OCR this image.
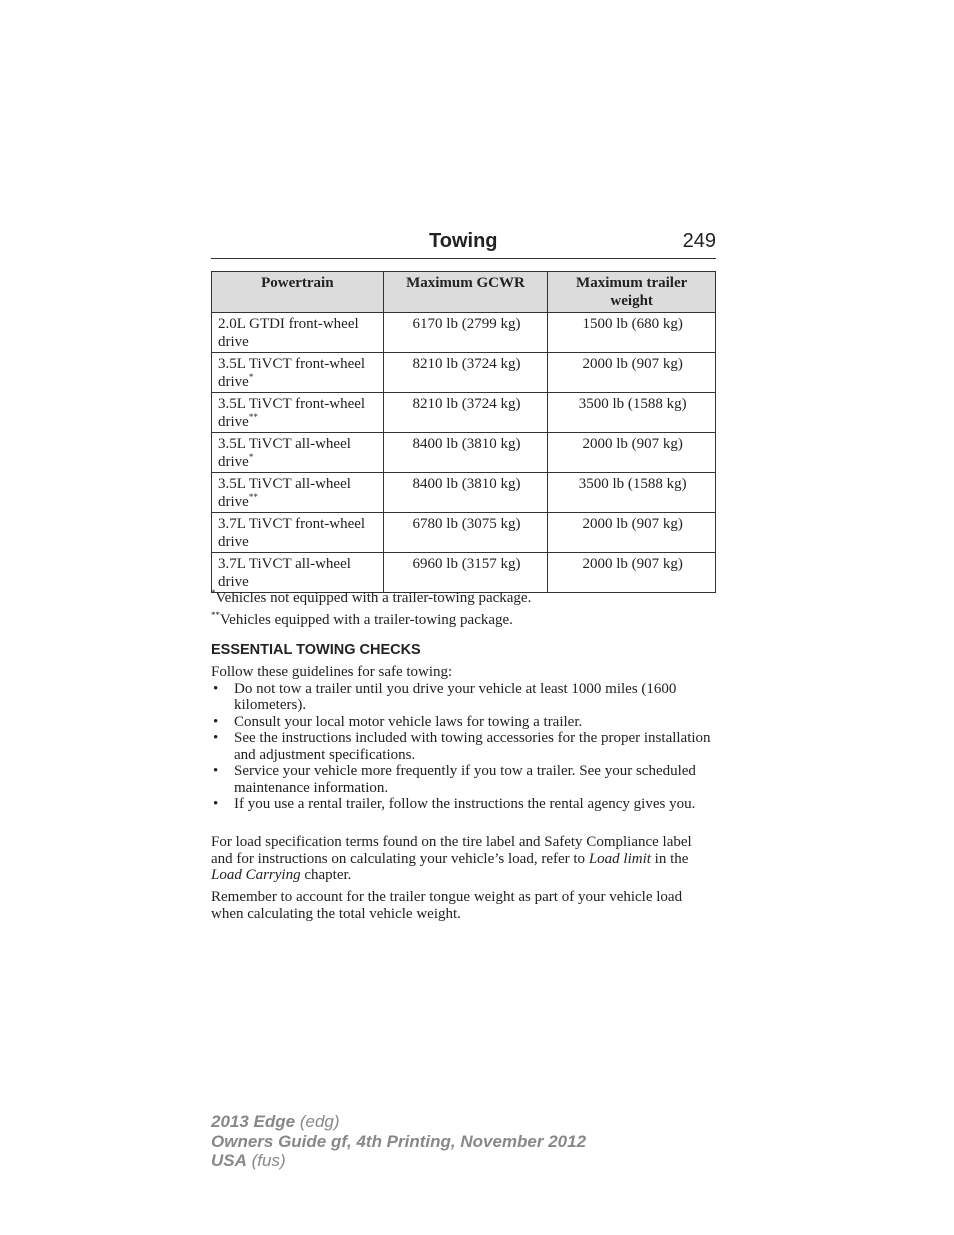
Towing	249
Powertrain	Maximum GCWR	Maximum trailer weight
2.0L GTDI front-wheel drive	6170 lb (2799 kg)	1500 lb (680 kg)
3.5L TiVCT front-wheel drive*	8210 lb (3724 kg)	2000 lb (907 kg)
3.5L TiVCT front-wheel drive**	8210 lb (3724 kg)	3500 lb (1588 kg)
3.5L TiVCT all-wheel drive*	8400 lb (3810 kg)	2000 lb (907 kg)
3.5L TiVCT all-wheel drive**	8400 lb (3810 kg)	3500 lb (1588 kg)
3.7L TiVCT front-wheel drive	6780 lb (3075 kg)	2000 lb (907 kg)
3.7L TiVCT all-wheel drive	6960 lb (3157 kg)	2000 lb (907 kg)
*Vehicles not equipped with a trailer-towing package.
**Vehicles equipped with a trailer-towing package.
ESSENTIAL TOWING CHECKS
Follow these guidelines for safe towing:
• Do not tow a trailer until you drive your vehicle at least 1000 miles (1600 kilometers).
• Consult your local motor vehicle laws for towing a trailer.
• See the instructions included with towing accessories for the proper installation and adjustment specifications.
• Service your vehicle more frequently if you tow a trailer. See your scheduled maintenance information.
• If you use a rental trailer, follow the instructions the rental agency gives you.
For load specification terms found on the tire label and Safety Compliance label and for instructions on calculating your vehicle’s load, refer to Load limit in the Load Carrying chapter.
Remember to account for the trailer tongue weight as part of your vehicle load when calculating the total vehicle weight.
2013 Edge (edg)
Owners Guide gf, 4th Printing, November 2012
USA (fus)
